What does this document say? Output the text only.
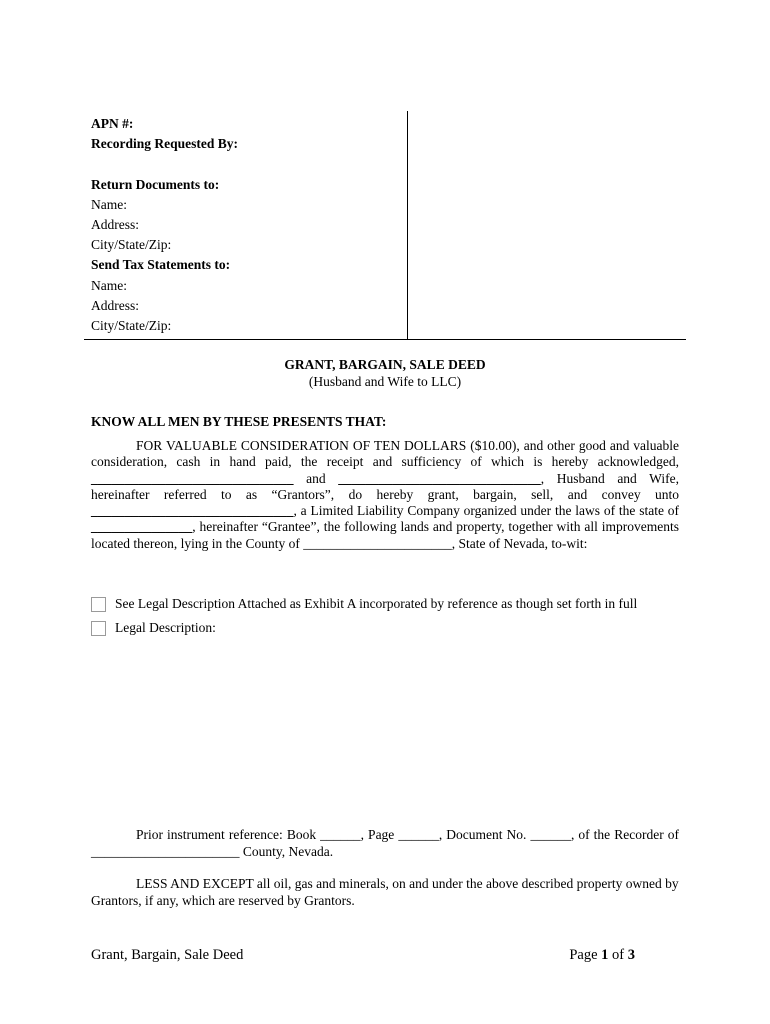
APN #:
Recording Requested By:
Return Documents to:
Name:
Address:
City/State/Zip:
Send Tax Statements to:
Name:
Address:
City/State/Zip:
GRANT, BARGAIN, SALE DEED
(Husband and Wife to LLC)
KNOW ALL MEN BY THESE PRESENTS THAT:

FOR VALUABLE CONSIDERATION OF TEN DOLLARS ($10.00), and other good and valuable consideration, cash in hand paid, the receipt and sufficiency of which is hereby acknowledged, ______________________________ and ______________________________, Husband and Wife, hereinafter referred to as “Grantors”, do hereby grant, bargain, sell, and convey unto ______________________________, a Limited Liability Company organized under the laws of the state of _______________, hereinafter “Grantee”, the following lands and property, together with all improvements located thereon, lying in the County of ______________________, State of Nevada, to-wit:

See Legal Description Attached as Exhibit A incorporated by reference as though set forth in full
Legal Description:

Prior instrument reference: Book ______, Page ______, Document No. ______, of the Recorder of ______________________ County, Nevada.

LESS AND EXCEPT all oil, gas and minerals, on and under the above described property owned by Grantors, if any, which are reserved by Grantors.

Grant, Bargain, Sale Deed	Page 1 of 3
